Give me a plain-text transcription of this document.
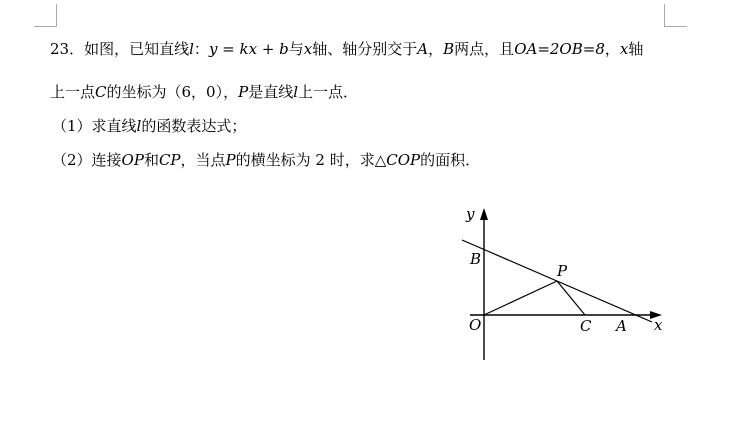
23．如图，已知直线l：y = kx + b与x轴、轴分别交于A，B两点，且OA=2OB=8，x轴
上一点C的坐标为（6，0），P是直线l上一点．
（1）求直线l的函数表达式；
（2）连接OP和CP，当点P的横坐标为 2 时，求△COP的面积．
y
x
B
P
O	C A
